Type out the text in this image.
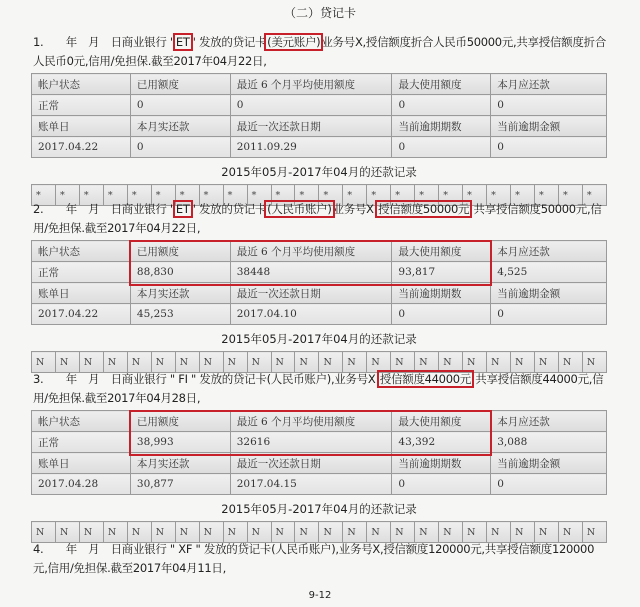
（二）贷记卡

1.　　年　月　日商业银行 "ET" 发放的贷记卡(美元账户)业务号X,授信额度折合人民币50000元,共享授信额度折合人民币0元,信用/免担保.截至2017年04月22日,

帐户状态	已用额度	最近 6 个月平均使用额度	最大使用额度	本月应还款
正常	0	0	0	0
账单日	本月实还款	最近一次还款日期	当前逾期期数	当前逾期金额
2017.04.22	0	2011.09.29	0	0
2015年05月-2017年04月的还款记录
*	*	*	*	*	*	*	*	*	*	*	*	*	*	*	*	*	*	*	*	*	*	*	*

2.　　年　月　日商业银行 "ET" 发放的贷记卡(人民币账户)业务号X 授信额度50000元 共享授信额度50000元,信用/免担保.截至2017年04月22日,

帐户状态	已用额度	最近 6 个月平均使用额度	最大使用额度	本月应还款
正常	88,830	38448	93,817	4,525
账单日	本月实还款	最近一次还款日期	当前逾期期数	当前逾期金额
2017.04.22	45,253	2017.04.10	0	0
2015年05月-2017年04月的还款记录
N	N	N	N	N	N	N	N	N	N	N	N	N	N	N	N	N	N	N	N	N	N	N	N

3.　　年　月　日商业银行 " FI " 发放的贷记卡(人民币账户),业务号X 授信额度44000元 共享授信额度44000元,信用/免担保.截至2017年04月28日,

帐户状态	已用额度	最近 6 个月平均使用额度	最大使用额度	本月应还款
正常	38,993	32616	43,392	3,088
账单日	本月实还款	最近一次还款日期	当前逾期期数	当前逾期金额
2017.04.28	30,877	2017.04.15	0	0
2015年05月-2017年04月的还款记录
N	N	N	N	N	N	N	N	N	N	N	N	N	N	N	N	N	N	N	N	N	N	N	N

4.　　年　月　日商业银行 " XF " 发放的贷记卡(人民币账户),业务号X,授信额度120000元,共享授信额度120000元,信用/免担保.截至2017年04月11日,

9-12
